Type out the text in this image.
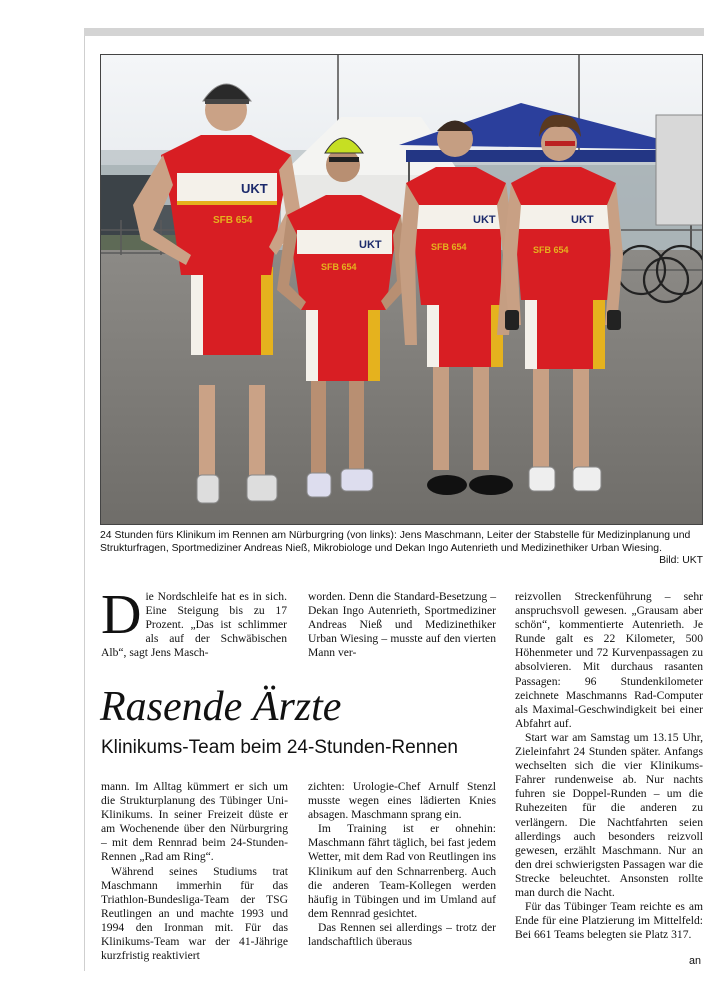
UKT
UKT
UKT	UKT
SFB 654
SFB 654
SFB 654	SFB 654
24 Stunden fürs Klinikum im Rennen am Nürburgring (von links): Jens Maschmann, Leiter der Stabstelle für Medizinplanung und Strukturfragen, Sportmediziner Andreas Nieß, Mikrobiologe und Dekan Ingo Autenrieth und Medizinethiker Urban Wiesing.
Bild: UKT

Die Nordschleife hat es in sich. Eine Steigung bis zu 17 Prozent. „Das ist schlimmer als auf der Schwäbischen Alb“, sagt Jens Masch-

worden. Denn die Standard-Besetzung – Dekan Ingo Autenrieth, Sportmediziner Andreas Nieß und Medizinethiker Urban Wiesing – musste auf den vierten Mann ver-

Rasende Ärzte
Klinikums-Team beim 24-Stunden-Rennen

mann. Im Alltag kümmert er sich um die Strukturplanung des Tübinger Uni-Klinikums. In seiner Freizeit düste er am Wochenende über den Nürburgring – mit dem Rennrad beim 24-Stunden-Rennen „Rad am Ring“.

Während seines Studiums trat Maschmann immerhin für das Triathlon-Bundesliga-Team der TSG Reutlingen an und machte 1993 und 1994 den Ironman mit. Für das Klinikums-Team war der 41-Jährige kurzfristig reaktiviert

zichten: Urologie-Chef Arnulf Stenzl musste wegen eines lädierten Knies absagen. Maschmann sprang ein.

Im Training ist er ohnehin: Maschmann fährt täglich, bei fast jedem Wetter, mit dem Rad von Reutlingen ins Klinikum auf den Schnarrenberg. Auch die anderen Team-Kollegen werden häufig in Tübingen und im Umland auf dem Rennrad gesichtet.

Das Rennen sei allerdings – trotz der landschaftlich überaus

reizvollen Streckenführung – sehr anspruchsvoll gewesen. „Grausam aber schön“, kommentierte Autenrieth. Je Runde galt es 22 Kilometer, 500 Höhenmeter und 72 Kurvenpassagen zu absolvieren. Mit durchaus rasanten Passagen: 96 Stundenkilometer zeichnete Maschmanns Rad-Computer als Maximal-Geschwindigkeit bei einer Abfahrt auf.

Start war am Samstag um 13.15 Uhr, Zieleinfahrt 24 Stunden später. Anfangs wechselten sich die vier Klinikums-Fahrer rundenweise ab. Nur nachts fuhren sie Doppel-Runden – um die Ruhezeiten für die anderen zu verlängern. Die Nachtfahrten seien allerdings auch besonders reizvoll gewesen, erzählt Maschmann. Nur an den drei schwierigsten Passagen war die Strecke beleuchtet. Ansonsten rollte man durch die Nacht.

Für das Tübinger Team reichte es am Ende für eine Platzierung im Mittelfeld: Bei 661 Teams belegten sie Platz 317.

an
